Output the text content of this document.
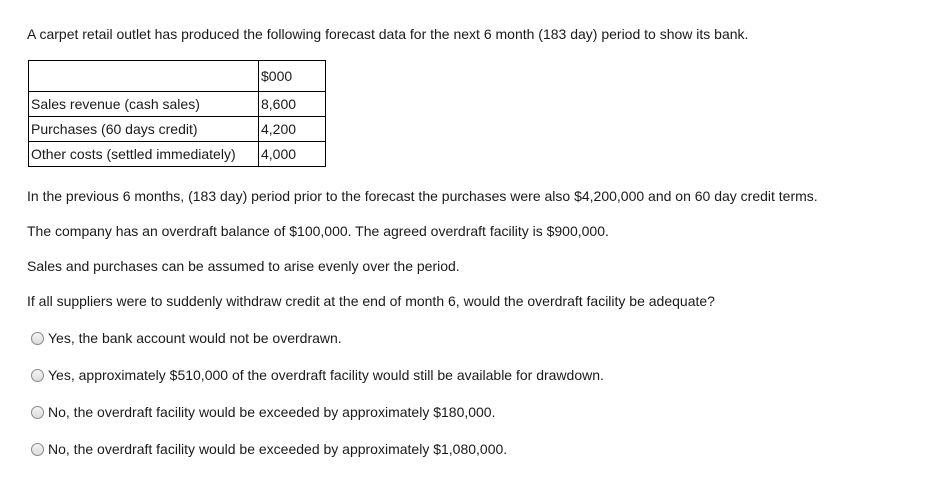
A carpet retail outlet has produced the following forecast data for the next 6 month (183 day) period to show its bank.
	$000
Sales revenue (cash sales)	8,600
Purchases (60 days credit)	4,200
Other costs (settled immediately)	4,000
In the previous 6 months, (183 day) period prior to the forecast the purchases were also $4,200,000 and on 60 day credit terms.
The company has an overdraft balance of $100,000. The agreed overdraft facility is $900,000.
Sales and purchases can be assumed to arise evenly over the period.
If all suppliers were to suddenly withdraw credit at the end of month 6, would the overdraft facility be adequate?
Yes, the bank account would not be overdrawn.
Yes, approximately $510,000 of the overdraft facility would still be available for drawdown.
No, the overdraft facility would be exceeded by approximately $180,000.
No, the overdraft facility would be exceeded by approximately $1,080,000.
